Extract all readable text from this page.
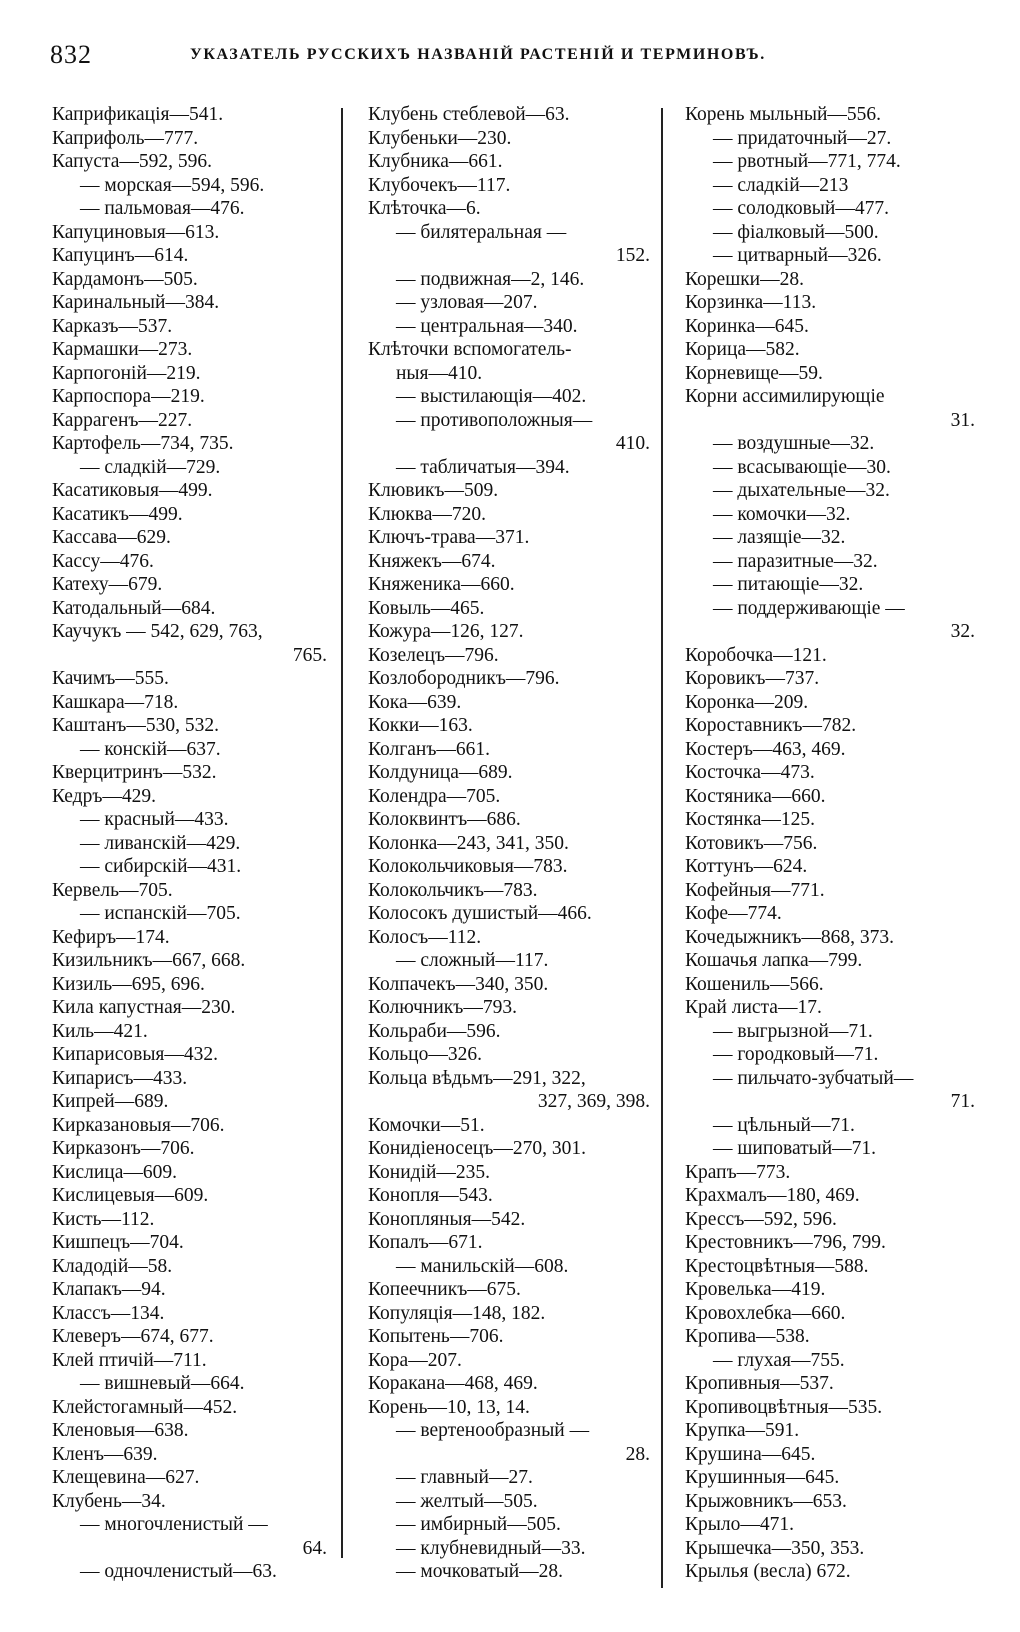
832	УКАЗАТЕЛЬ РУССКИХЪ НАЗВАНІЙ РАСТЕНІЙ И ТЕРМИНОВЪ.
Капрификація—541.
Каприфоль—777.
Капуста—592, 596.
— морская—594, 596.
— пальмовая—476.
Капуциновыя—613.
Капуцинъ—614.
Кардамонъ—505.
Каринальный—384.
Карказъ—537.
Кармашки—273.
Карпогоній—219.
Карпоспора—219.
Каррагенъ—227.
Картофель—734, 735.
— сладкій—729.
Касатиковыя—499.
Касатикъ—499.
Кассава—629.
Кассу—476.
Катеху—679.
Катодальный—684.
Каучукъ — 542, 629, 763,
765.
Качимъ—555.
Кашкара—718.
Каштанъ—530, 532.
— конскій—637.
Кверцитринъ—532.
Кедръ—429.
— красный—433.
— ливанскій—429.
— сибирскій—431.
Кервель—705.
— испанскій—705.
Кефиръ—174.
Кизильникъ—667, 668.
Кизиль—695, 696.
Кила капустная—230.
Киль—421.
Кипарисовыя—432.
Кипарисъ—433.
Кипрей—689.
Кирказановыя—706.
Кирказонъ—706.
Кислица—609.
Кислицевыя—609.
Кисть—112.
Кишпецъ—704.
Кладодій—58.
Клапакъ—94.
Классъ—134.
Клеверъ—674, 677.
Клей птичій—711.
— вишневый—664.
Клейстогамный—452.
Кленовыя—638.
Кленъ—639.
Клещевина—627.
Клубень—34.
— многочленистый —
64.
— одночленистый—63.
Клубень стеблевой—63.
Клубеньки—230.
Клубника—661.
Клубочекъ—117.
Клѣточка—6.
— билятеральная —
152.
— подвижная—2, 146.
— узловая—207.
— центральная—340.
Клѣточки вспомогатель-
ныя—410.
— выстилающія—402.
— противоположныя—
410.
— табличатыя—394.
Клювикъ—509.
Клюква—720.
Ключъ-трава—371.
Княжекъ—674.
Княженика—660.
Ковыль—465.
Кожура—126, 127.
Козелецъ—796.
Козлобородникъ—796.
Кока—639.
Кокки—163.
Колганъ—661.
Колдуница—689.
Колендра—705.
Колоквинтъ—686.
Колонка—243, 341, 350.
Колокольчиковыя—783.
Колокольчикъ—783.
Колосокъ душистый—466.
Колосъ—112.
— сложный—117.
Колпачекъ—340, 350.
Колючникъ—793.
Кольраби—596.
Кольцо—326.
Кольца вѣдьмъ—291, 322,
327, 369, 398.
Комочки—51.
Конидіеносецъ—270, 301.
Конидій—235.
Конопля—543.
Конопляныя—542.
Копалъ—671.
— манильскій—608.
Копеечникъ—675.
Копуляція—148, 182.
Копытень—706.
Кора—207.
Коракана—468, 469.
Корень—10, 13, 14.
— вертенообразный —
28.
— главный—27.
— желтый—505.
— имбирный—505.
— клубневидный—33.
— мочковатый—28.
Корень мыльный—556.
— придаточный—27.
— рвотный—771, 774.
— сладкій—213
— солодковый—477.
— фіалковый—500.
— цитварный—326.
Корешки—28.
Корзинка—113.
Коринка—645.
Корица—582.
Корневище—59.
Корни ассимилирующіе
31.
— воздушные—32.
— всасывающіе—30.
— дыхательные—32.
— комочки—32.
— лазящіе—32.
— паразитные—32.
— питающіе—32.
— поддерживающіе —
32.
Коробочка—121.
Коровикъ—737.
Коронка—209.
Короставникъ—782.
Костеръ—463, 469.
Косточка—473.
Костяника—660.
Костянка—125.
Котовикъ—756.
Коттунъ—624.
Кофейныя—771.
Кофе—774.
Кочедыжникъ—868, 373.
Кошачья лапка—799.
Кошениль—566.
Край листа—17.
— выгрызной—71.
— городковый—71.
— пильчато-зубчатый—
71.
— цѣльный—71.
— шиповатый—71.
Крапъ—773.
Крахмалъ—180, 469.
Крессъ—592, 596.
Крестовникъ—796, 799.
Крестоцвѣтныя—588.
Кровелька—419.
Кровохлебка—660.
Кропива—538.
— глухая—755.
Кропивныя—537.
Кропивоцвѣтныя—535.
Крупка—591.
Крушина—645.
Крушинныя—645.
Крыжовникъ—653.
Крыло—471.
Крышечка—350, 353.
Крылья (весла) 672.
